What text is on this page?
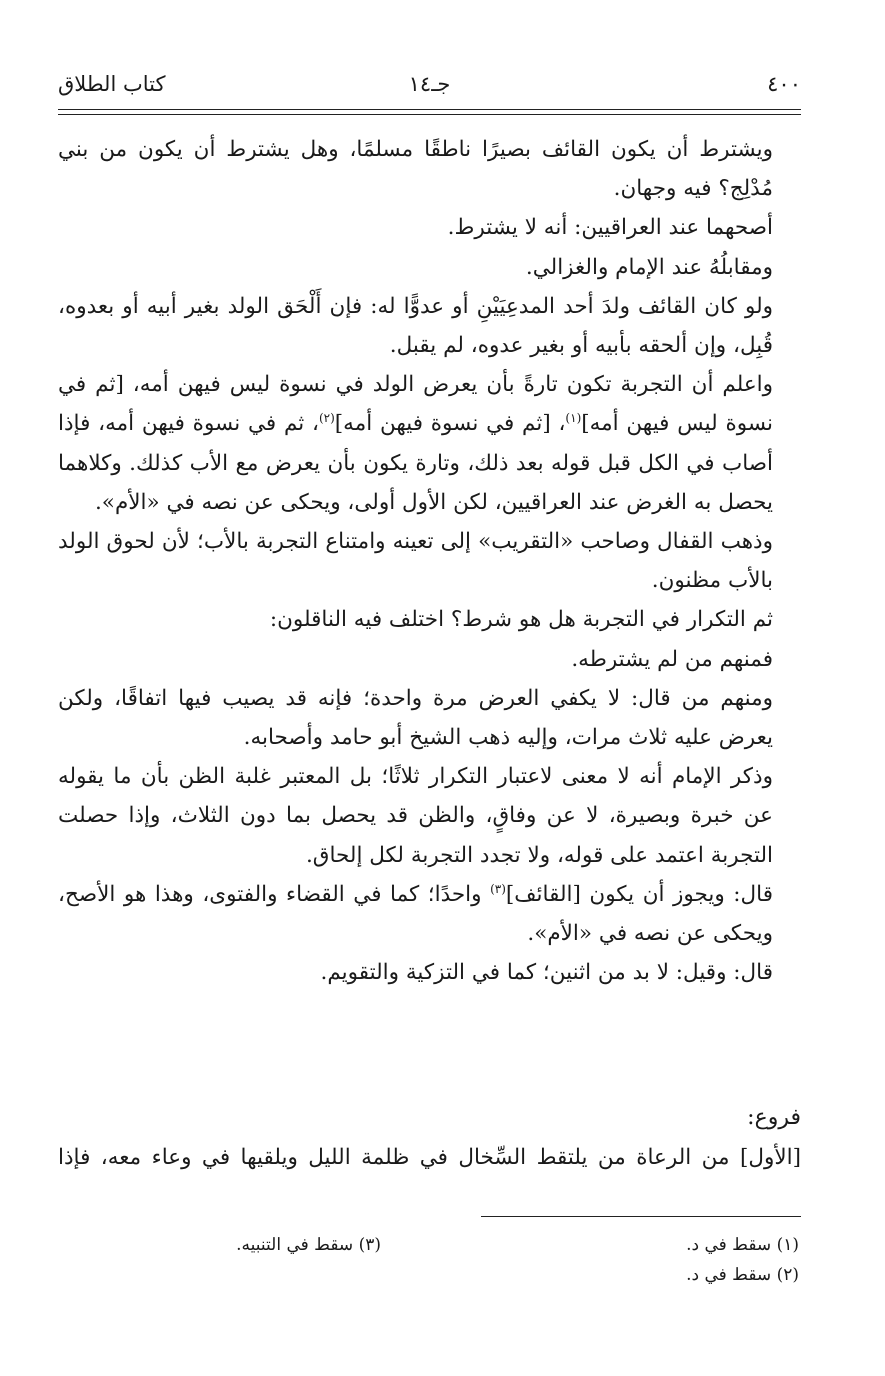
٤٠٠
جـ١٤
كتاب الطلاق

ويشترط أن يكون القائف بصيرًا ناطقًا مسلمًا، وهل يشترط أن يكون من بني مُدْلِج؟ فيه وجهان.

أصحهما عند العراقيين: أنه لا يشترط.

ومقابلُهُ عند الإمام والغزالي.

ولو كان القائف ولدَ أحد المدعِيَيْنِ أو عدوًّا له: فإن أَلْحَق الولد بغير أبيه أو بعدوه، قُبِل، وإن ألحقه بأبيه أو بغير عدوه، لم يقبل.

واعلم أن التجربة تكون تارةً بأن يعرض الولد في نسوة ليس فيهن أمه، [ثم في نسوة ليس فيهن أمه]$^{(١)}$، [ثم في نسوة فيهن أمه]$^{(٢)}$، ثم في نسوة فيهن أمه، فإذا أصاب في الكل قبل قوله بعد ذلك، وتارة يكون بأن يعرض مع الأب كذلك. وكلاهما يحصل به الغرض عند العراقيين، لكن الأول أولى، ويحكى عن نصه في «الأم».

وذهب القفال وصاحب «التقريب» إلى تعينه وامتناع التجربة بالأب؛ لأن لحوق الولد بالأب مظنون.

ثم التكرار في التجربة هل هو شرط؟ اختلف فيه الناقلون:

فمنهم من لم يشترطه.

ومنهم من قال: لا يكفي العرض مرة واحدة؛ فإنه قد يصيب فيها اتفاقًا، ولكن يعرض عليه ثلاث مرات، وإليه ذهب الشيخ أبو حامد وأصحابه.

وذكر الإمام أنه لا معنى لاعتبار التكرار ثلاثًا؛ بل المعتبر غلبة الظن بأن ما يقوله عن خبرة وبصيرة، لا عن وفاقٍ، والظن قد يحصل بما دون الثلاث، وإذا حصلت التجربة اعتمد على قوله، ولا تجدد التجربة لكل إلحاق.

قال: ويجوز أن يكون [القائف]$^{(٣)}$ واحدًا؛ كما في القضاء والفتوى، وهذا هو الأصح، ويحكى عن نصه في «الأم».

قال: وقيل: لا بد من اثنين؛ كما في التزكية والتقويم.

فروع:
[الأول] من الرعاة من يلتقط السِّخال في ظلمة الليل ويلقيها في وعاء معه، فإذا
(١) سقط في د.
(٢) سقط في د.
(٣) سقط في التنبيه.
